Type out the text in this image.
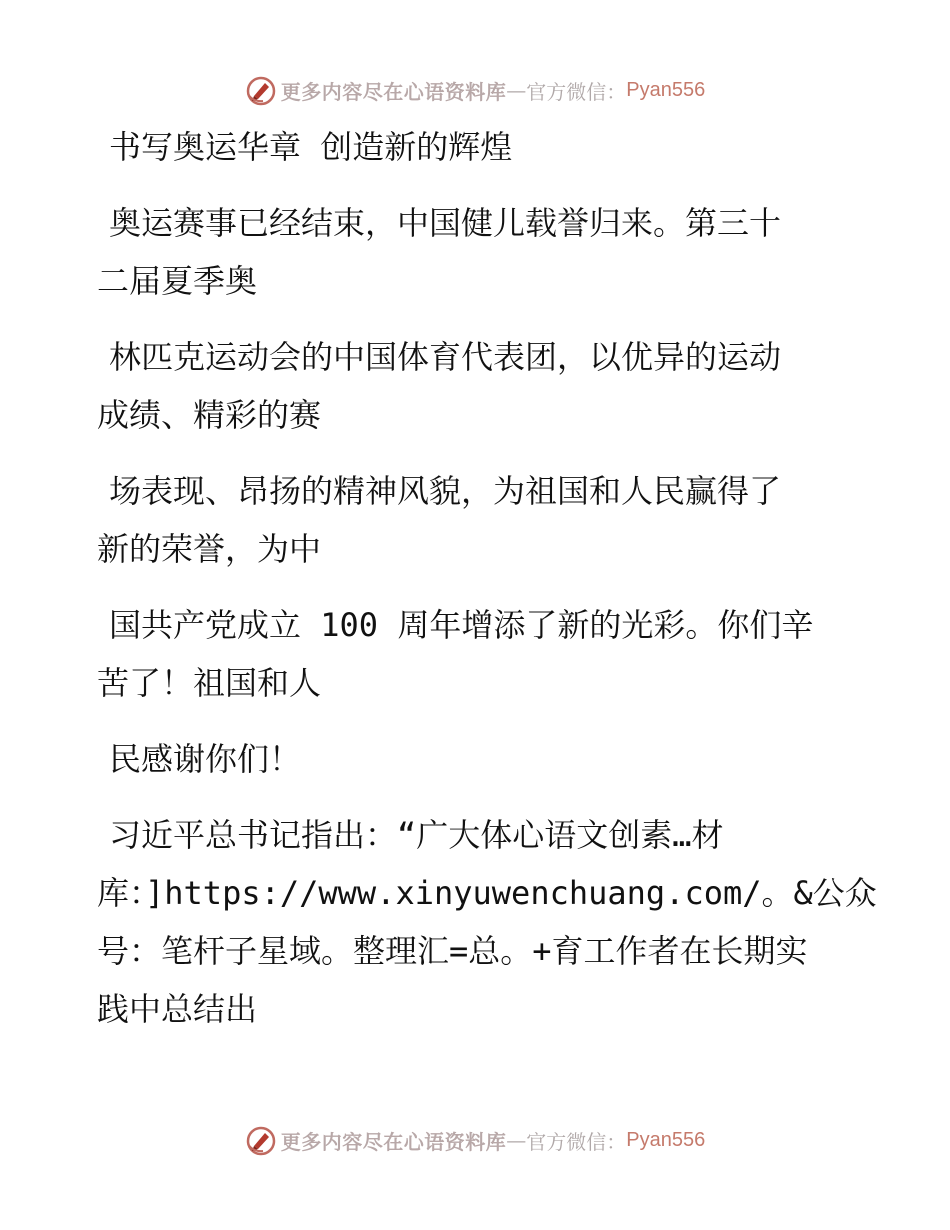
更多内容尽在心语资料库 — 官方微信： Pyan556
书写奥运华章 创造新的辉煌
奥运赛事已经结束，中国健儿载誉归来。第三十
二届夏季奥
林匹克运动会的中国体育代表团，以优异的运动
成绩、精彩的赛
场表现、昂扬的精神风貌，为祖国和人民赢得了
新的荣誉，为中
国共产党成立 100 周年增添了新的光彩。你们辛
苦了！祖国和人
民感谢你们！
习近平总书记指出：“广大体心语文创素…材
库：]https://www.xinyuwenchuang.com/。&公众
号：笔杆子星域。整理汇=总。+育工作者在长期实
践中总结出
更多内容尽在心语资料库 — 官方微信： Pyan556
